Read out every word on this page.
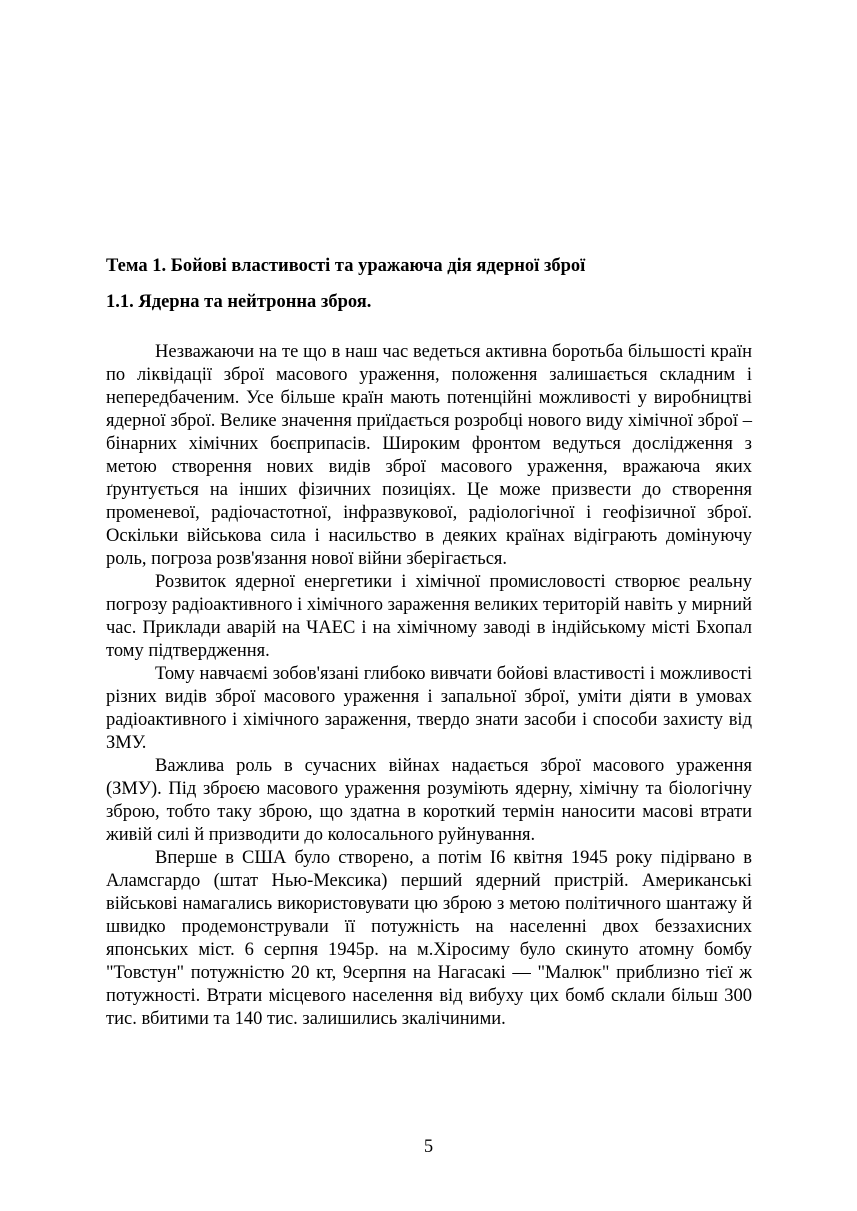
Тема 1. Бойові властивості та уражаюча дія ядерної зброї
1.1. Ядерна та нейтронна зброя.

Незважаючи на те що в наш час ведеться активна боротьба більшості країн по ліквідації зброї масового ураження, положення залишається складним і непередбаченим. Усе більше країн мають потенційні можливості у виробництві ядерної зброї. Велике значення приїдається розробці нового виду хімічної зброї – бінарних хімічних боєприпасів. Широким фронтом ведуться дослідження з метою створення нових видів зброї масового ураження, вражаюча яких ґрунтується на інших фізичних позиціях. Це може призвести до створення променевої, радіочастотної, інфразвукової, радіологічної і геофізичної зброї. Оскільки військова сила і насильство в деяких країнах відіграють домінуючу роль, погроза розв'язання нової війни зберігається.

Розвиток ядерної енергетики і хімічної промисловості створює реальну погрозу радіоактивного і хімічного зараження великих територій навіть у мирний час. Приклади аварій на ЧАЕС і на хімічному заводі в індійському місті Бхопал тому підтвердження.

Тому навчаємі зобов'язані глибоко вивчати бойові властивості і можливості різних видів зброї масового ураження і запальної зброї, уміти діяти в умовах радіоактивного і хімічного зараження, твердо знати засоби і способи захисту від ЗМУ.

Важлива роль в сучасних війнах надається зброї масового ураження (ЗМУ). Під зброєю масового ураження розуміють ядерну, хімічну та біологічну зброю, тобто таку зброю, що здатна в короткий термін наносити масові втрати живій силі й призводити до колосального руйнування.

Вперше в США було створено, а потім І6 квітня 1945 року підірвано в Аламсгардо (штат Нью-Мексика) перший ядерний пристрій. Американські військові намагались використовувати цю зброю з метою політичного шантажу й швидко продемонстрували її потужність на населенні двох беззахисних японських міст. 6 серпня 1945р. на м.Хіросиму було скинуто атомну бомбу "Товстун" потужністю 20 кт, 9серпня на Нагасакі — "Малюк" приблизно тієї ж потужності. Втрати місцевого населення від вибуху цих бомб склали більш 300 тис. вбитими та 140 тис. залишились зкалічиними.

5
